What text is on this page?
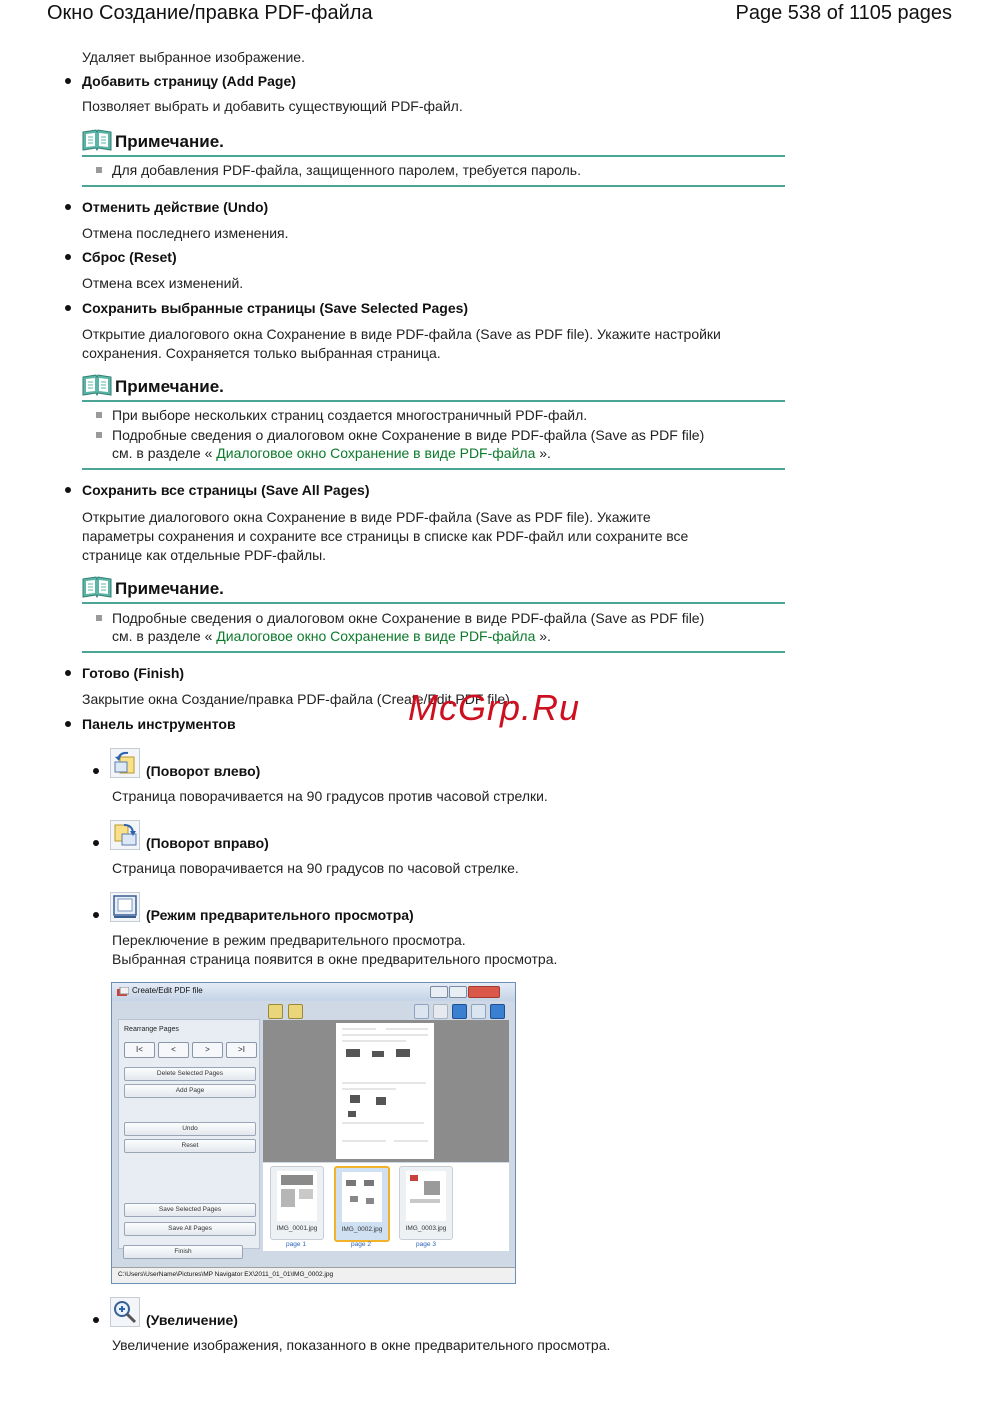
Окно Создание/правка PDF-файла	Page 538 of 1105 pages
Удаляет выбранное изображение.
Добавить страницу (Add Page)
Позволяет выбрать и добавить существующий PDF-файл.
Примечание.
Для добавления PDF-файла, защищенного паролем, требуется пароль.
Отменить действие (Undo)
Отмена последнего изменения.
Сброс (Reset)
Отмена всех изменений.
Сохранить выбранные страницы (Save Selected Pages)
Открытие диалогового окна Сохранение в виде PDF-файла (Save as PDF file). Укажите настройки
сохранения. Сохраняется только выбранная страница.
Примечание.
При выборе нескольких страниц создается многостраничный PDF-файл.
Подробные сведения о диалоговом окне Сохранение в виде PDF-файла (Save as PDF file)
см. в разделе « Диалоговое окно Сохранение в виде PDF-файла ».
Сохранить все страницы (Save All Pages)
Открытие диалогового окна Сохранение в виде PDF-файла (Save as PDF file). Укажите
параметры сохранения и сохраните все страницы в списке как PDF-файл или сохраните все
странице как отдельные PDF-файлы.
Примечание.
Подробные сведения о диалоговом окне Сохранение в виде PDF-файла (Save as PDF file)
см. в разделе « Диалоговое окно Сохранение в виде PDF-файла ».
Готово (Finish)
Закрытие окна Создание/правка PDF-файла (Create/Edit PDF file).
McGrp.Ru
Панель инструментов
(Поворот влево)
Страница поворачивается на 90 градусов против часовой стрелки.
(Поворот вправо)
Страница поворачивается на 90 градусов по часовой стрелке.
(Режим предварительного просмотра)
Переключение в режим предварительного просмотра.
Выбранная страница появится в окне предварительного просмотра.
Create/Edit PDF file
Rearrange Pages
I<	<	>	>I
Delete Selected Pages
Add Page
Undo
Reset
Save Selected Pages
Save All Pages
Finish
IMG_0001.jpg	IMG_0002.jpg	IMG_0003.jpg
page 1	page 2	page 3
C:\Users\UserName\Pictures\MP Navigator EX\2011_01_01\IMG_0002.jpg
(Увеличение)
Увеличение изображения, показанного в окне предварительного просмотра.
